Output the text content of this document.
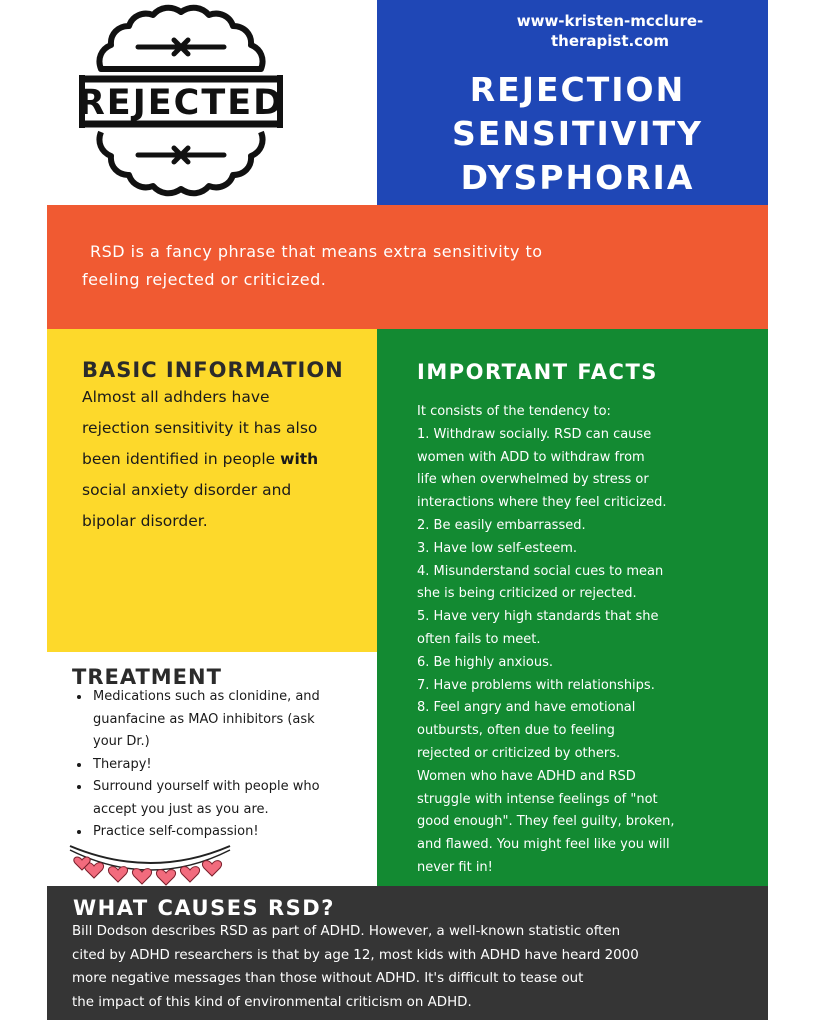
REJECTED
www-kristen-mcclure-
therapist.com
REJECTION
SENSITIVITY
DYSPHORIA
RSD is a fancy phrase that means extra sensitivity to
feeling rejected or criticized.
BASIC INFORMATION
Almost all adhders have
rejection sensitivity it has also
been identified in people with
social anxiety disorder and
bipolar disorder.
IMPORTANT FACTS
It consists of the tendency to:
1. Withdraw socially. RSD can cause
women with ADD to withdraw from
life when overwhelmed by stress or
interactions where they feel criticized.
2. Be easily embarrassed.
3. Have low self-esteem.
4. Misunderstand social cues to mean
she is being criticized or rejected.
5. Have very high standards that she
often fails to meet.
6. Be highly anxious.
7. Have problems with relationships.
8. Feel angry and have emotional
outbursts, often due to feeling
rejected or criticized by others.
Women who have ADHD and RSD
struggle with intense feelings of "not
good enough". They feel guilty, broken,
and flawed. You might feel like you will
never fit in!
TREATMENT
• Medications such as clonidine, and guanfacine as MAO inhibitors (ask your Dr.)
• Therapy!
• Surround yourself with people who accept you just as you are.
• Practice self-compassion!
WHAT CAUSES RSD?
Bill Dodson describes RSD as part of ADHD. However, a well-known statistic often
cited by ADHD researchers is that by age 12, most kids with ADHD have heard 2000
more negative messages than those without ADHD. It's difficult to tease out
the impact of this kind of environmental criticism on ADHD.
